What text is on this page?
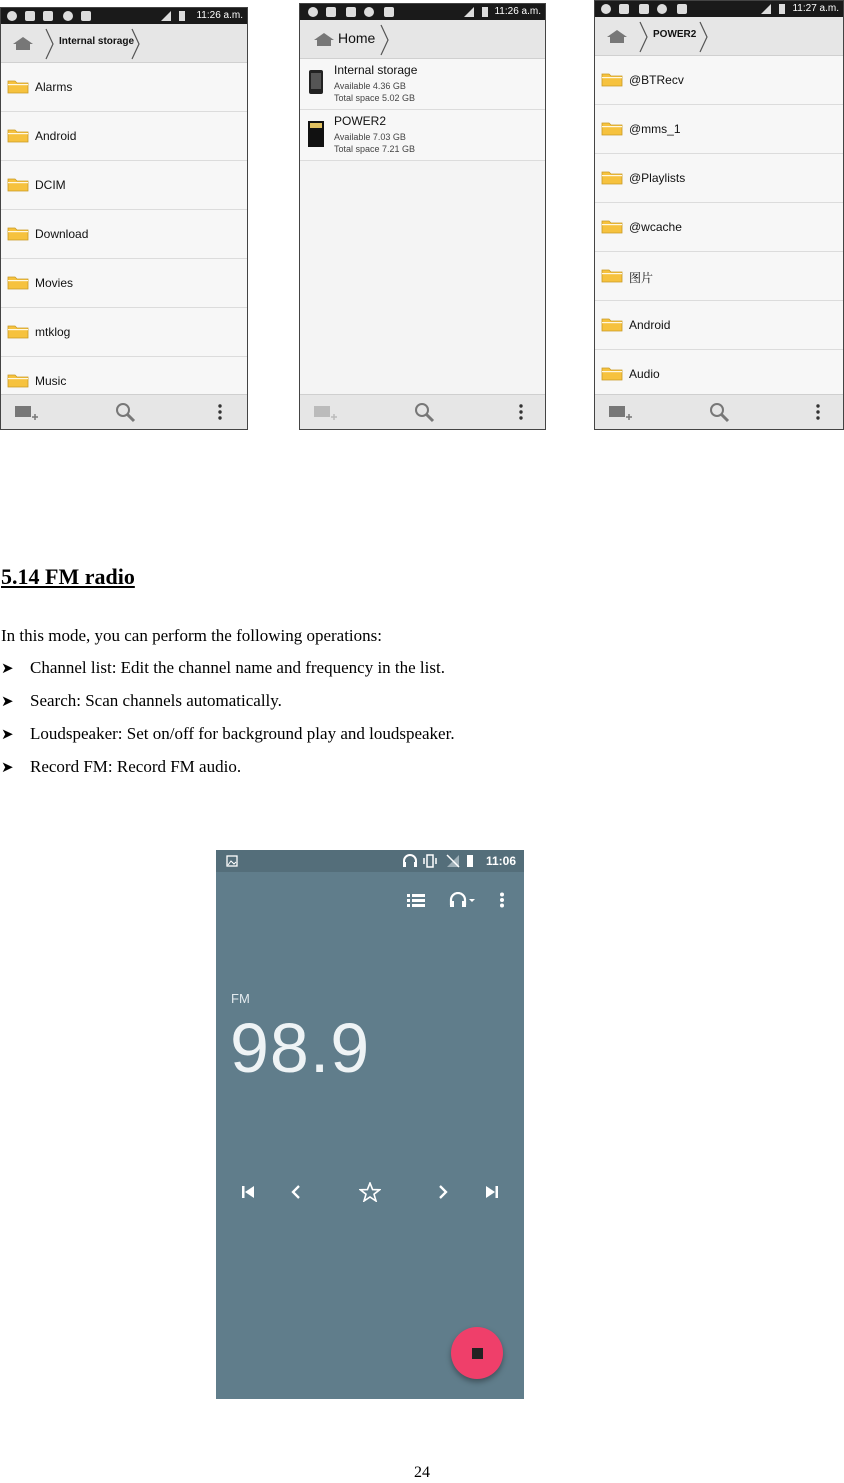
11:26 a.m.
Internal storage
Alarms
Android
DCIM
Download
Movies
mtklog
Music
11:26 a.m.
Home
Internal storage
Available 4.36 GB
Total space 5.02 GB
POWER2
Available 7.03 GB
Total space 7.21 GB
11:27 a.m.
POWER2
@BTRecv
@mms_1
@Playlists
@wcache
图片
Android
Audio
5.14 FM radio
In this mode, you can perform the following operations:
➤ Channel list: Edit the channel name and frequency in the list.
➤ Search: Scan channels automatically.
➤ Loudspeaker: Set on/off for background play and loudspeaker.
➤ Record FM: Record FM audio.
11:06
FM
98.9
24
